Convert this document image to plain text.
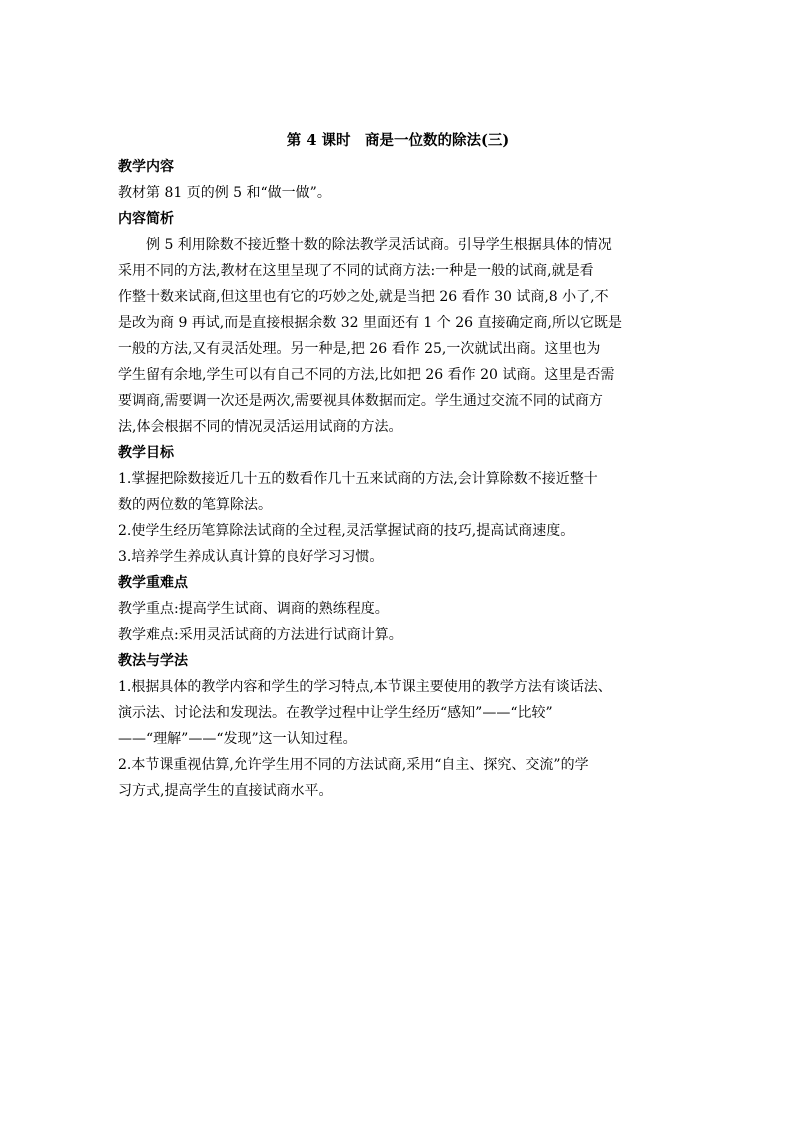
第 4 课时　商是一位数的除法(三)
教学内容
教材第 81 页的例 5 和“做一做”。
内容简析
例 5 利用除数不接近整十数的除法教学灵活试商。引导学生根据具体的情况
采用不同的方法,教材在这里呈现了不同的试商方法:一种是一般的试商,就是看
作整十数来试商,但这里也有它的巧妙之处,就是当把 26 看作 30 试商,8 小了,不
是改为商 9 再试,而是直接根据余数 32 里面还有 1 个 26 直接确定商,所以它既是
一般的方法,又有灵活处理。另一种是,把 26 看作 25,一次就试出商。这里也为
学生留有余地,学生可以有自己不同的方法,比如把 26 看作 20 试商。这里是否需
要调商,需要调一次还是两次,需要视具体数据而定。学生通过交流不同的试商方
法,体会根据不同的情况灵活运用试商的方法。
教学目标
1.掌握把除数接近几十五的数看作几十五来试商的方法,会计算除数不接近整十
数的两位数的笔算除法。
2.使学生经历笔算除法试商的全过程,灵活掌握试商的技巧,提高试商速度。
3.培养学生养成认真计算的良好学习习惯。
教学重难点
教学重点:提高学生试商、调商的熟练程度。
教学难点:采用灵活试商的方法进行试商计算。
教法与学法
1.根据具体的教学内容和学生的学习特点,本节课主要使用的教学方法有谈话法、
演示法、讨论法和发现法。在教学过程中让学生经历“感知”——“比较”
——“理解”——“发现”这一认知过程。
2.本节课重视估算,允许学生用不同的方法试商,采用“自主、探究、交流”的学
习方式,提高学生的直接试商水平。
